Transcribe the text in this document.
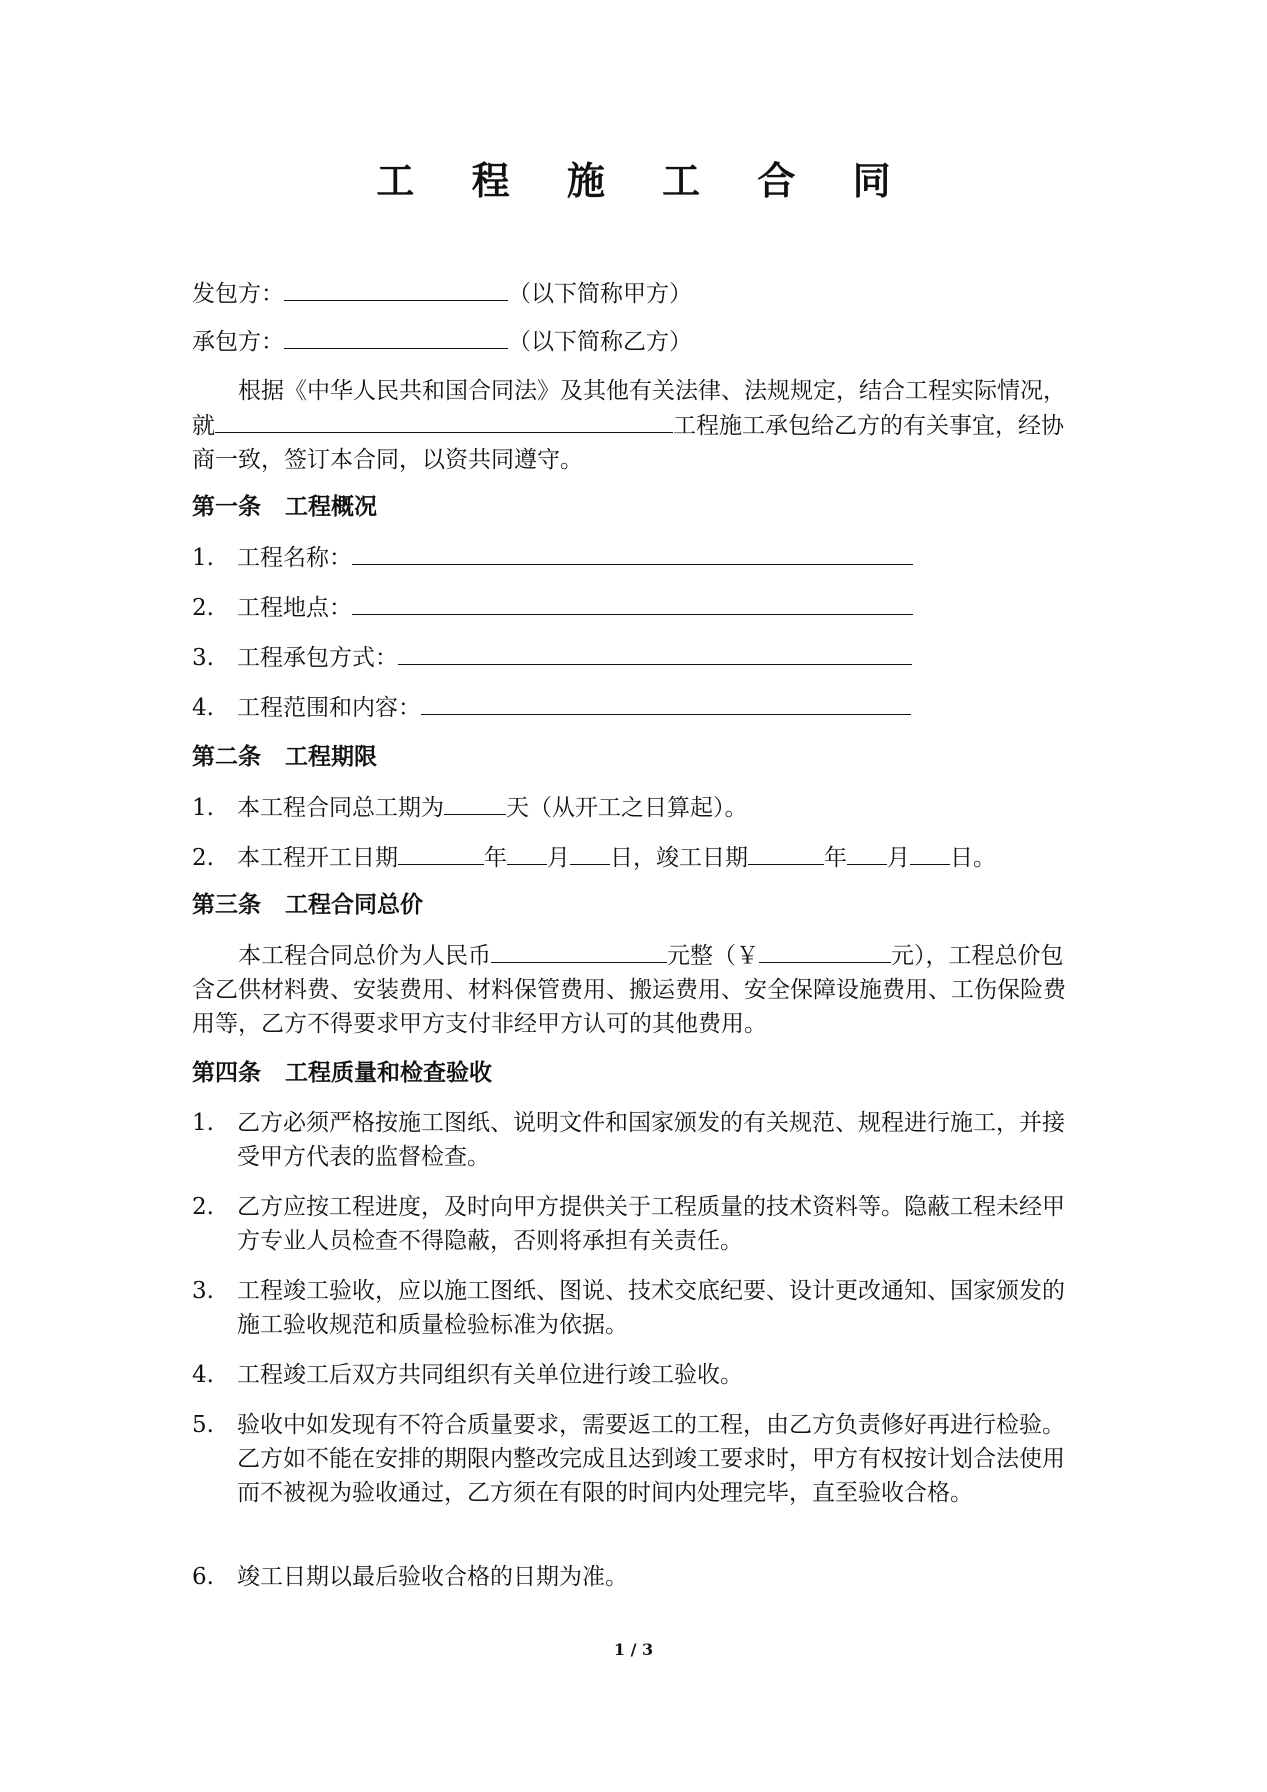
工 程 施 工 合 同
发包方：	（以下简称甲方）
承包方：	（以下简称乙方）
根据《中华人民共和国合同法》及其他有关法律、法规规定，结合工程实际情况，就	工程施工承包给乙方的有关事宜，经协商一致，签订本合同，以资共同遵守。
第一条 工程概况
1. 工程名称：
2. 工程地点：
3. 工程承包方式：
4. 工程范围和内容：
第二条 工程期限
1. 本工程合同总工期为	天（从开工之日算起）。
2. 本工程开工日期	年 月 日，竣工日期	年 月 日。
第三条 工程合同总价
本工程合同总价为人民币	元整（￥	元），工程总价包含乙供材料费、安装费用、材料保管费用、搬运费用、安全保障设施费用、工伤保险费用等，乙方不得要求甲方支付非经甲方认可的其他费用。
第四条 工程质量和检查验收
1.	乙方必须严格按施工图纸、说明文件和国家颁发的有关规范、规程进行施工，并接受甲方代表的监督检查。
2.	乙方应按工程进度，及时向甲方提供关于工程质量的技术资料等。隐蔽工程未经甲方专业人员检查不得隐蔽，否则将承担有关责任。
3.	工程竣工验收，应以施工图纸、图说、技术交底纪要、设计更改通知、国家颁发的施工验收规范和质量检验标准为依据。
4.	工程竣工后双方共同组织有关单位进行竣工验收。
5.	验收中如发现有不符合质量要求，需要返工的工程，由乙方负责修好再进行检验。乙方如不能在安排的期限内整改完成且达到竣工要求时，甲方有权按计划合法使用而不被视为验收通过，乙方须在有限的时间内处理完毕，直至验收合格。
6.	竣工日期以最后验收合格的日期为准。
1 / 3
